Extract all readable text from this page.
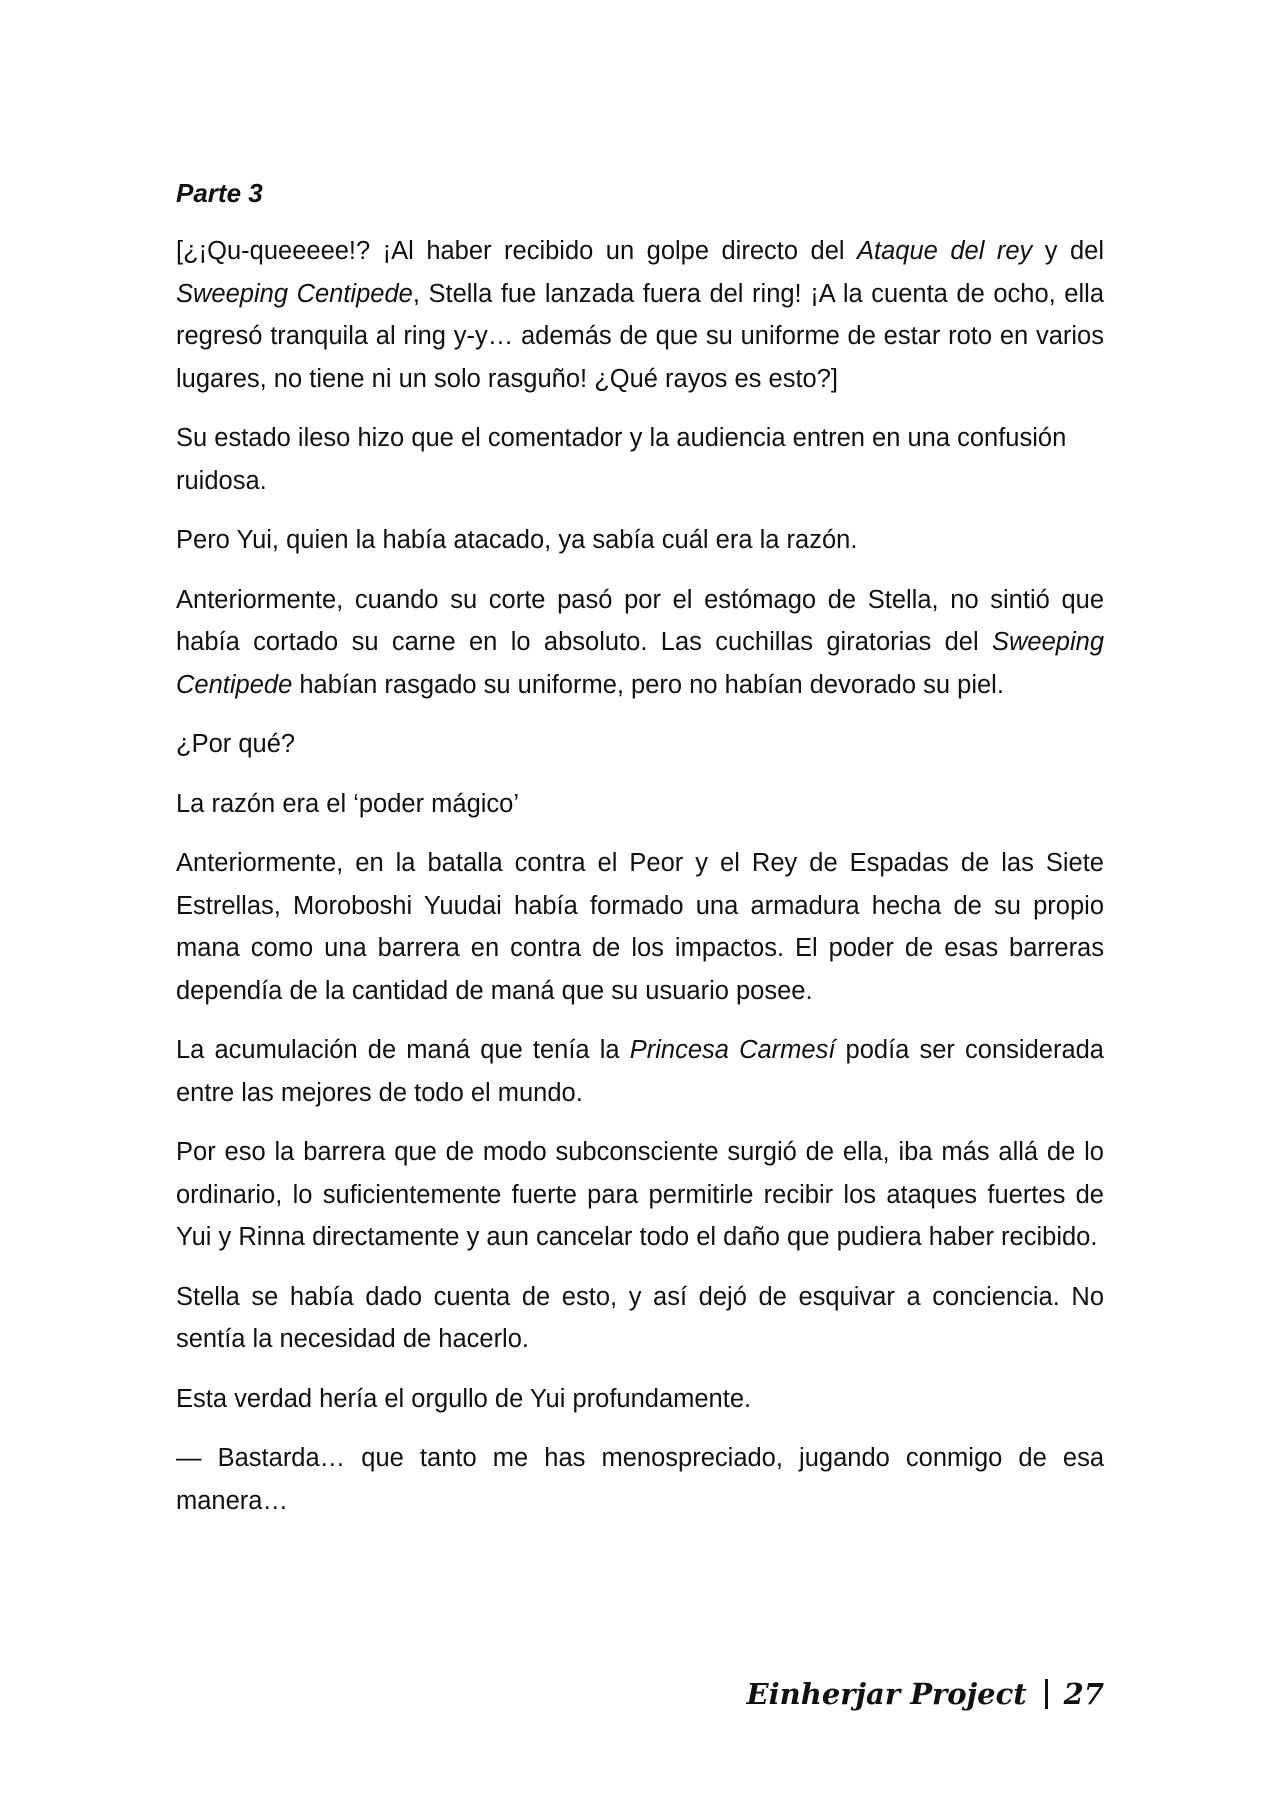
Parte 3

[¿¡Qu-queeeee!? ¡Al haber recibido un golpe directo del Ataque del rey y del Sweeping Centipede, Stella fue lanzada fuera del ring! ¡A la cuenta de ocho, ella regresó tranquila al ring y-y… además de que su uniforme de estar roto en varios lugares, no tiene ni un solo rasguño! ¿Qué rayos es esto?]

Su estado ileso hizo que el comentador y la audiencia entren en una confusión ruidosa.

Pero Yui, quien la había atacado, ya sabía cuál era la razón.

Anteriormente, cuando su corte pasó por el estómago de Stella, no sintió que había cortado su carne en lo absoluto. Las cuchillas giratorias del Sweeping Centipede habían rasgado su uniforme, pero no habían devorado su piel.

¿Por qué?

La razón era el ‘poder mágico’

Anteriormente, en la batalla contra el Peor y el Rey de Espadas de las Siete Estrellas, Moroboshi Yuudai había formado una armadura hecha de su propio mana como una barrera en contra de los impactos. El poder de esas barreras dependía de la cantidad de maná que su usuario posee.

La acumulación de maná que tenía la Princesa Carmesí podía ser considerada entre las mejores de todo el mundo.

Por eso la barrera que de modo subconsciente surgió de ella, iba más allá de lo ordinario, lo suficientemente fuerte para permitirle recibir los ataques fuertes de Yui y Rinna directamente y aun cancelar todo el daño que pudiera haber recibido.

Stella se había dado cuenta de esto, y así dejó de esquivar a conciencia. No sentía la necesidad de hacerlo.

Esta verdad hería el orgullo de Yui profundamente.

— Bastarda… que tanto me has menospreciado, jugando conmigo de esa manera…

Einherjar Project 27
